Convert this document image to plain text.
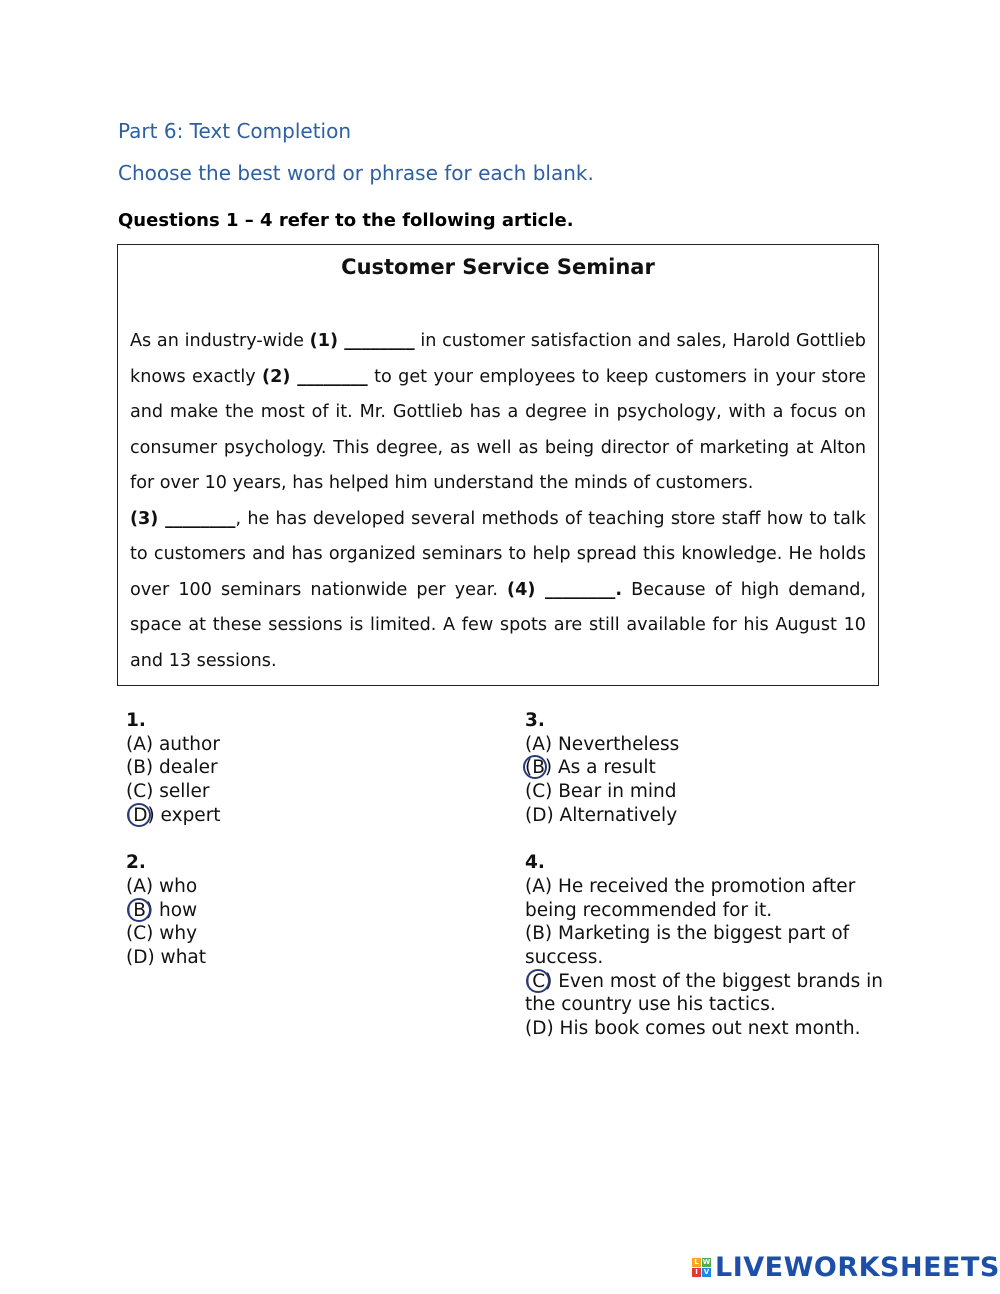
Part 6: Text Completion
Choose the best word or phrase for each blank.
Questions 1 – 4 refer to the following article.
Customer Service Seminar

As an industry-wide (1) ________ in customer satisfaction and sales, Harold Gottlieb knows exactly (2) ________ to get your employees to keep customers in your store and make the most of it. Mr. Gottlieb has a degree in psychology, with a focus on consumer psychology. This degree, as well as being director of marketing at Alton for over 10 years, has helped him understand the minds of customers.

(3) ________, he has developed several methods of teaching store staff how to talk to customers and has organized seminars to help spread this knowledge. He holds over 100 seminars nationwide per year. (4) ________. Because of high demand, space at these sessions is limited. A few spots are still available for his August 10 and 13 sessions.

1.
(A) author
(B) dealer
(C) seller
(D) expert
2.
(A) who
(B) how
(C) why
(D) what
3.
(A) Nevertheless
(B) As a result
(C) Bear in mind
(D) Alternatively
4.
(A) He received the promotion after being recommended for it.
(B) Marketing is the biggest part of success.
(C) Even most of the biggest brands in the country use his tactics.
(D) His book comes out next month.
L W
I V LIVEWORKSHEETS
